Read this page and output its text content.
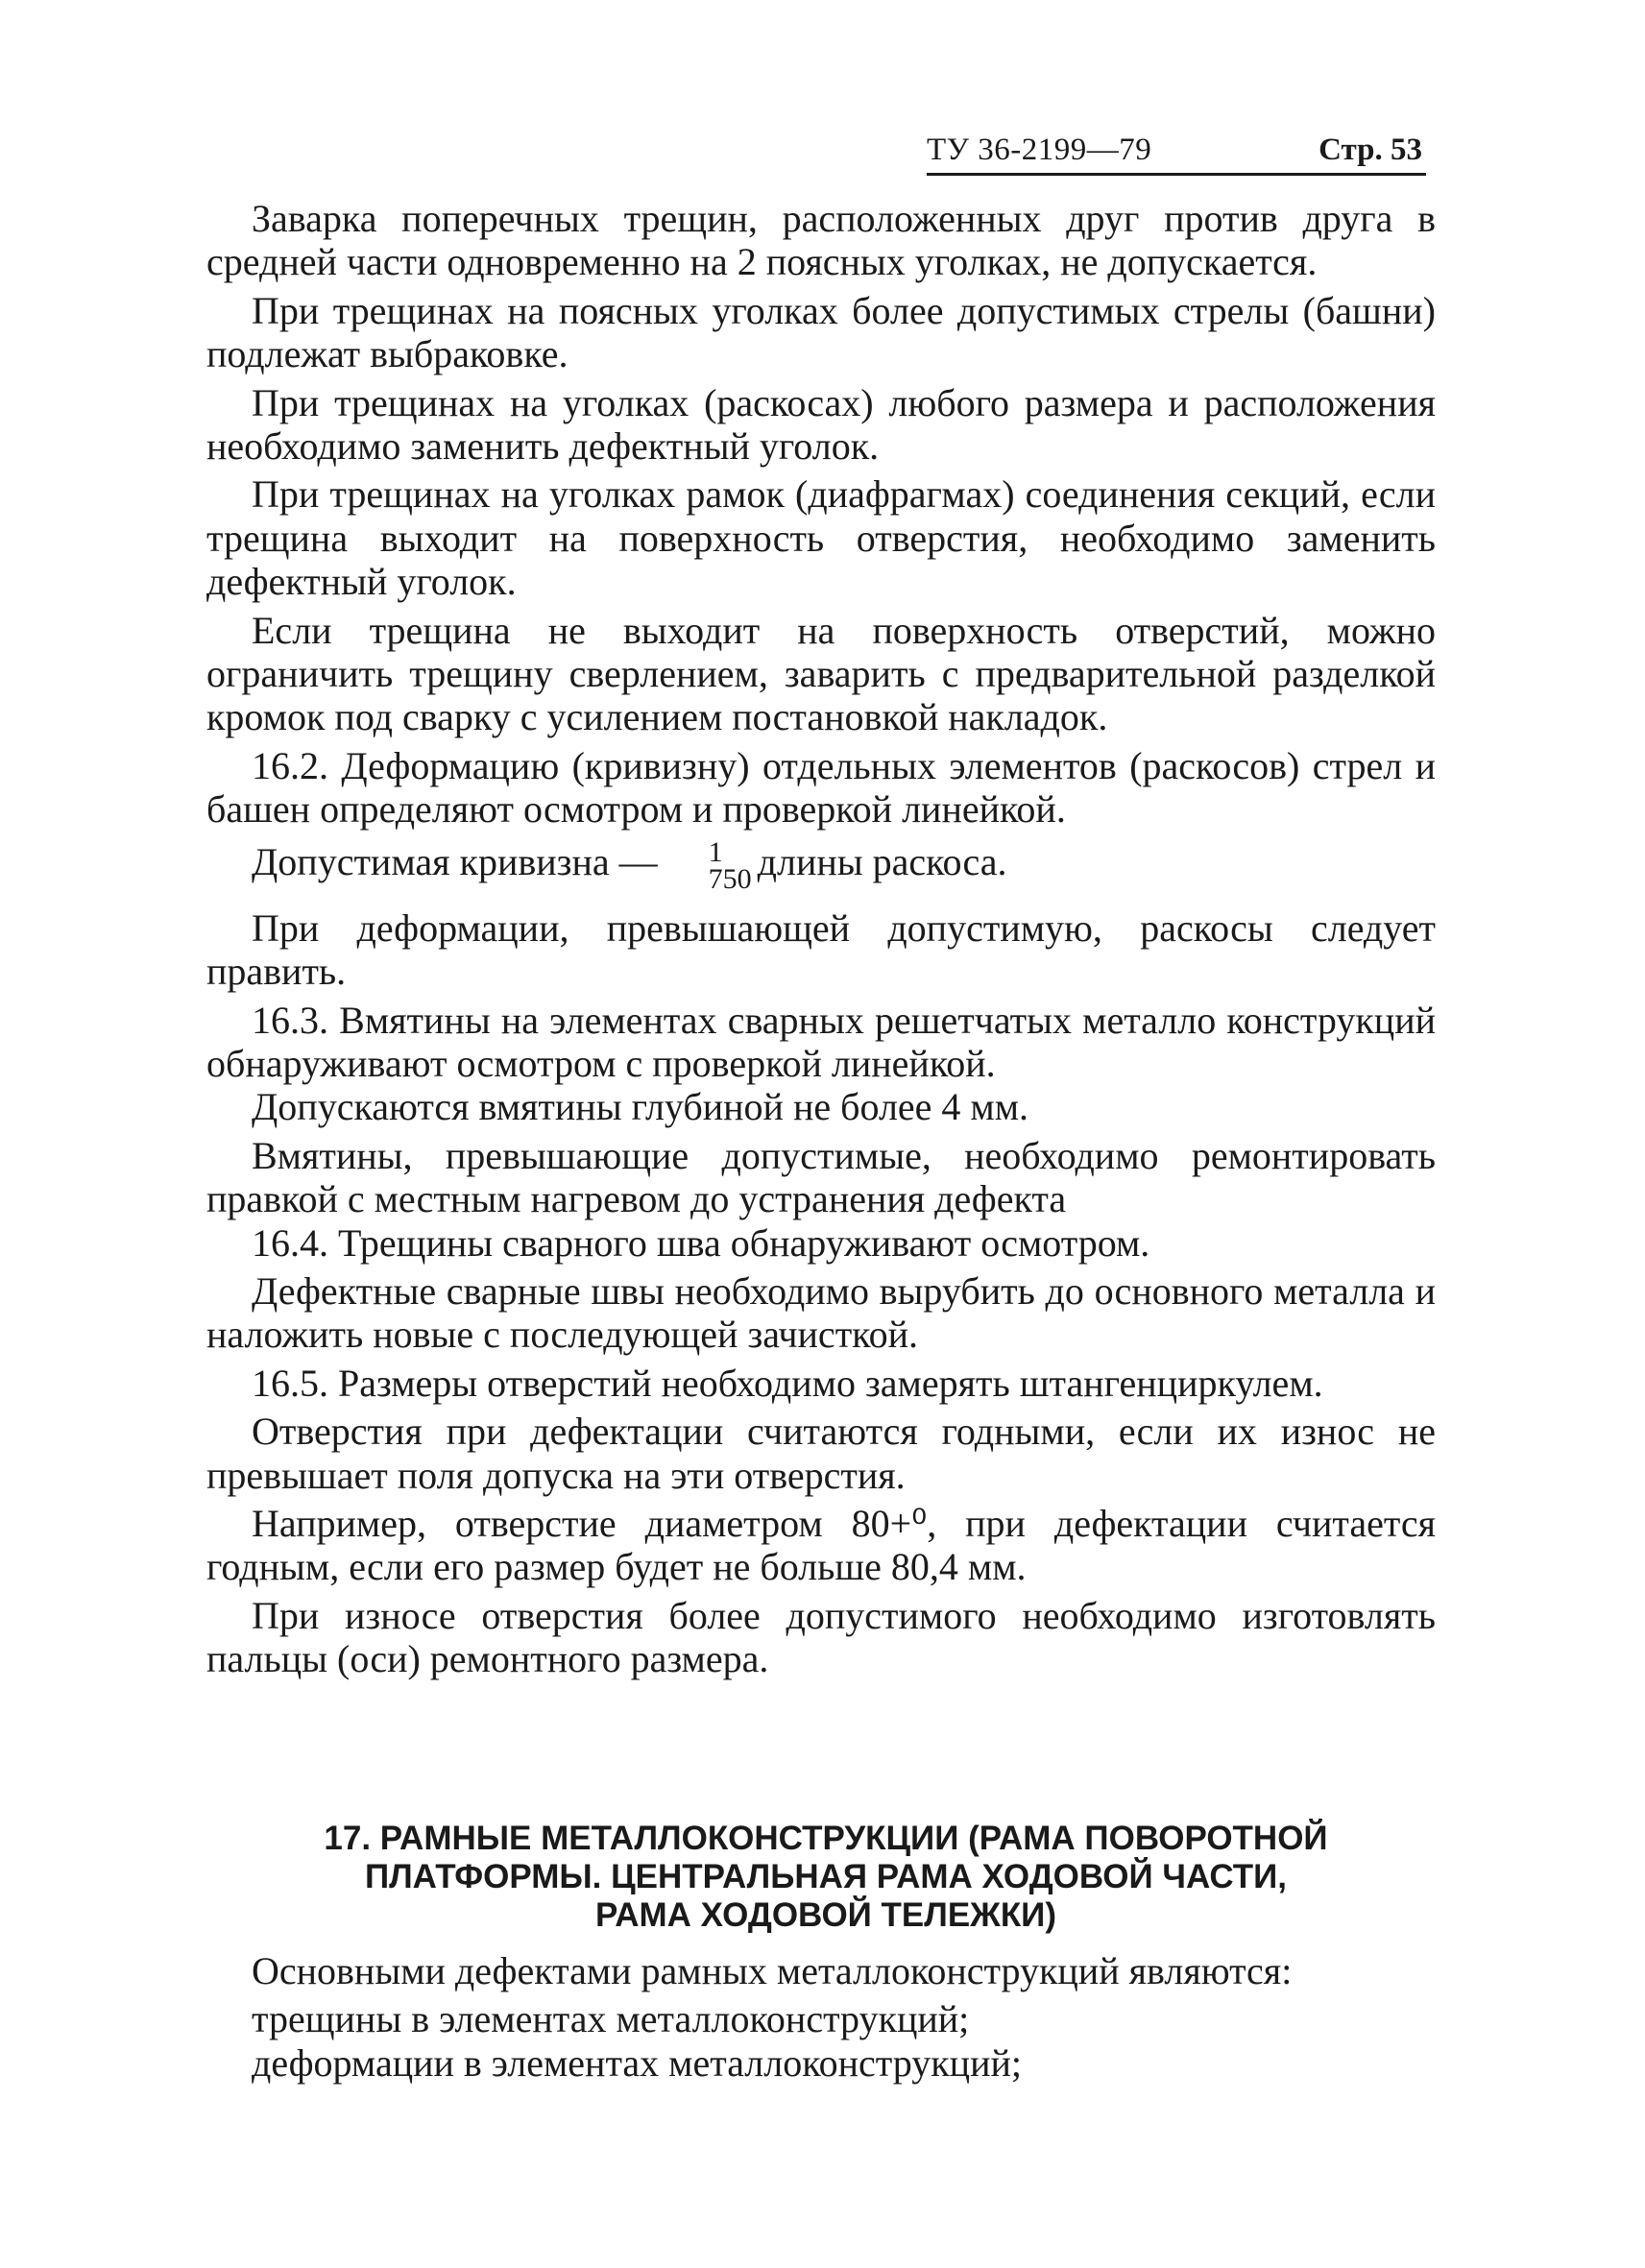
ТУ 36-2199—79	Стр. 53

Заварка поперечных трещин, расположенных друг против друга в средней части одновременно на 2 поясных уголках, не допускается.

При трещинах на поясных уголках более допустимых стрелы (башни) подлежат выбраковке.

При трещинах на уголках (раскосах) любого размера и расположения необходимо заменить дефектный уголок.

При трещинах на уголках рамок (диафрагмах) соединения секций, если трещина выходит на поверхность отверстия, необходимо заменить дефектный уголок.

Если трещина не выходит на поверхность отверстий, можно ограничить трещину сверлением, заварить с предварительной разделкой кромок под сварку с усилением постановкой накладок.

16.2. Деформацию (кривизну) отдельных элементов (раскосов) стрел и башен определяют осмотром и проверкой линейкой.

Допустимая кривизна —	1
750 длины раскоса.

При деформации, превышающей допустимую, раскосы следует править.

16.3. Вмятины на элементах сварных решетчатых металло конструкций обнаруживают осмотром с проверкой линейкой.

Допускаются вмятины глубиной не более 4 мм.

Вмятины, превышающие допустимые, необходимо ремонтировать правкой с местным нагревом до устранения дефекта

16.4. Трещины сварного шва обнаруживают осмотром.

Дефектные сварные швы необходимо вырубить до основного металла и наложить новые с последующей зачисткой.

16.5. Размеры отверстий необходимо замерять штангенциркулем.

Отверстия при дефектации считаются годными, если их износ не превышает поля допуска на эти отверстия.

Например, отверстие диаметром 80+⁰, при дефектации считается годным, если его размер будет не больше 80,4 мм.

При износе отверстия более допустимого необходимо изготовлять пальцы (оси) ремонтного размера.

17. РАМНЫЕ МЕТАЛЛОКОНСТРУКЦИИ (РАМА ПОВОРОТНОЙ
ПЛАТФОРМЫ. ЦЕНТРАЛЬНАЯ РАМА ХОДОВОЙ ЧАСТИ,
РАМА ХОДОВОЙ ТЕЛЕЖКИ)

Основными дефектами рамных металлоконструкций являются:

трещины в элементах металлоконструкций;

деформации в элементах металлоконструкций;
